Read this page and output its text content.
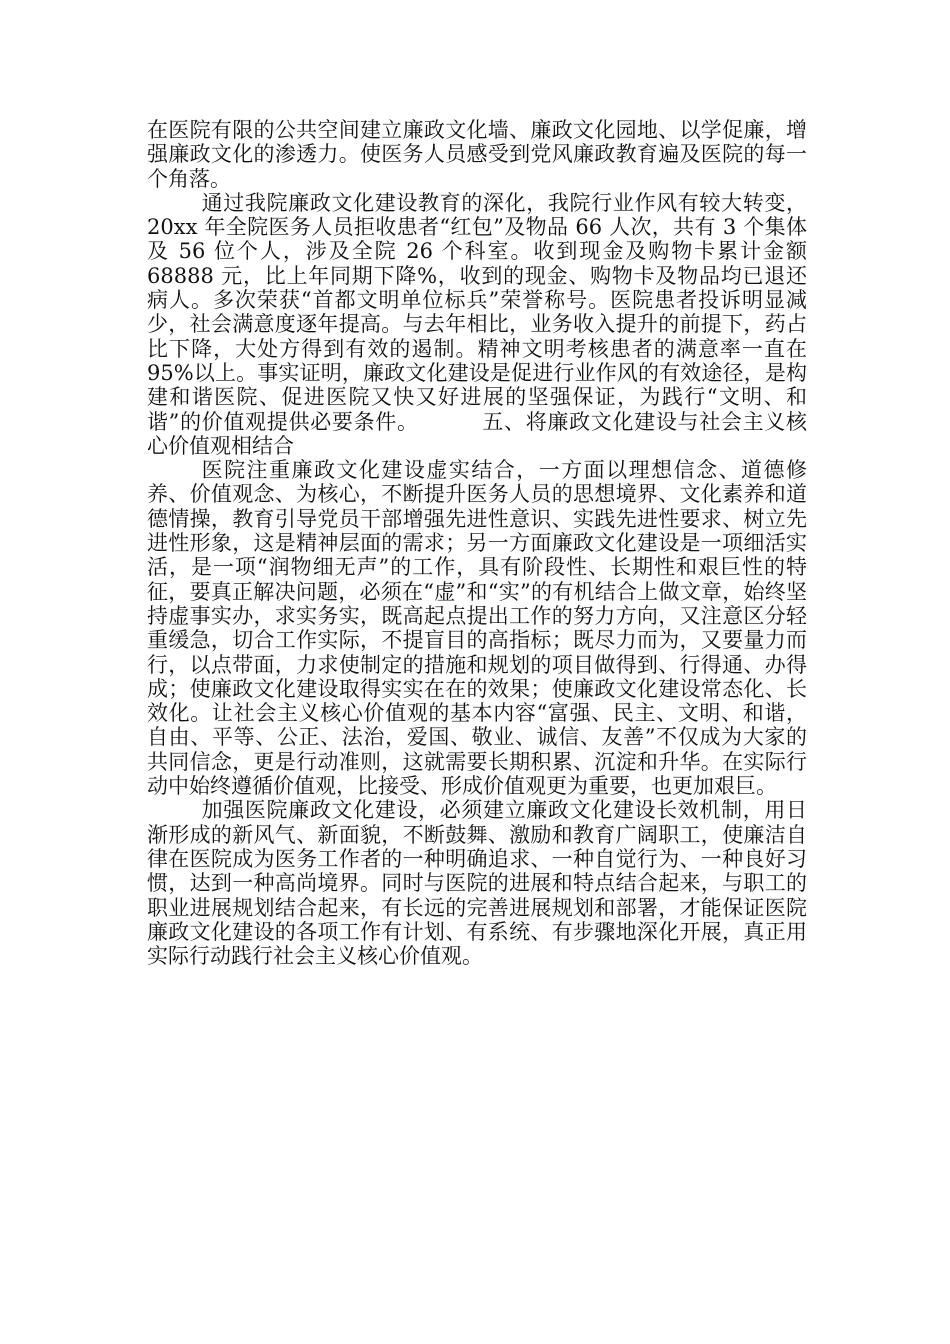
在医院有限的公共空间建立廉政文化墙、廉政文化园地、以学促廉，增强廉政文化的渗透力。使医务人员感受到党风廉政教育遍及医院的每一个角落。

通过我院廉政文化建设教育的深化，我院行业作风有较大转变，20xx 年全院医务人员拒收患者“红包”及物品 66 人次，共有 3 个集体及 56 位个人，涉及全院 26 个科室。收到现金及购物卡累计金额 68888 元，比上年同期下降%，收到的现金、购物卡及物品均已退还病人。多次荣获“首都文明单位标兵”荣誉称号。医院患者投诉明显减少，社会满意度逐年提高。与去年相比，业务收入提升的前提下，药占比下降，大处方得到有效的遏制。精神文明考核患者的满意率一直在 95%以上。事实证明，廉政文化建设是促进行业作风的有效途径，是构建和谐医院、促进医院又快又好进展的坚强保证，为践行“文明、和谐”的价值观提供必要条件。   	五、将廉政文化建设与社会主义核心价值观相结合

医院注重廉政文化建设虚实结合，一方面以理想信念、道德修养、价值观念、为核心，不断提升医务人员的思想境界、文化素养和道德情操，教育引导党员干部增强先进性意识、实践先进性要求、树立先进性形象，这是精神层面的需求；另一方面廉政文化建设是一项细活实活，是一项“润物细无声”的工作，具有阶段性、长期性和艰巨性的特征，要真正解决问题，必须在“虚”和“实”的有机结合上做文章，始终坚持虚事实办，求实务实，既高起点提出工作的努力方向，又注意区分轻重缓急，切合工作实际，不提盲目的高指标；既尽力而为，又要量力而行，以点带面，力求使制定的措施和规划的项目做得到、行得通、办得成；使廉政文化建设取得实实在在的效果；使廉政文化建设常态化、长效化。让社会主义核心价值观的基本内容“富强、民主、文明、和谐，自由、平等、公正、法治，爱国、敬业、诚信、友善”不仅成为大家的共同信念，更是行动准则，这就需要长期积累、沉淀和升华。在实际行动中始终遵循价值观，比接受、形成价值观更为重要，也更加艰巨。

加强医院廉政文化建设，必须建立廉政文化建设长效机制，用日渐形成的新风气、新面貌，不断鼓舞、激励和教育广阔职工，使廉洁自律在医院成为医务工作者的一种明确追求、一种自觉行为、一种良好习惯，达到一种高尚境界。同时与医院的进展和特点结合起来，与职工的职业进展规划结合起来，有长远的完善进展规划和部署，才能保证医院廉政文化建设的各项工作有计划、有系统、有步骤地深化开展，真正用实际行动践行社会主义核心价值观。
